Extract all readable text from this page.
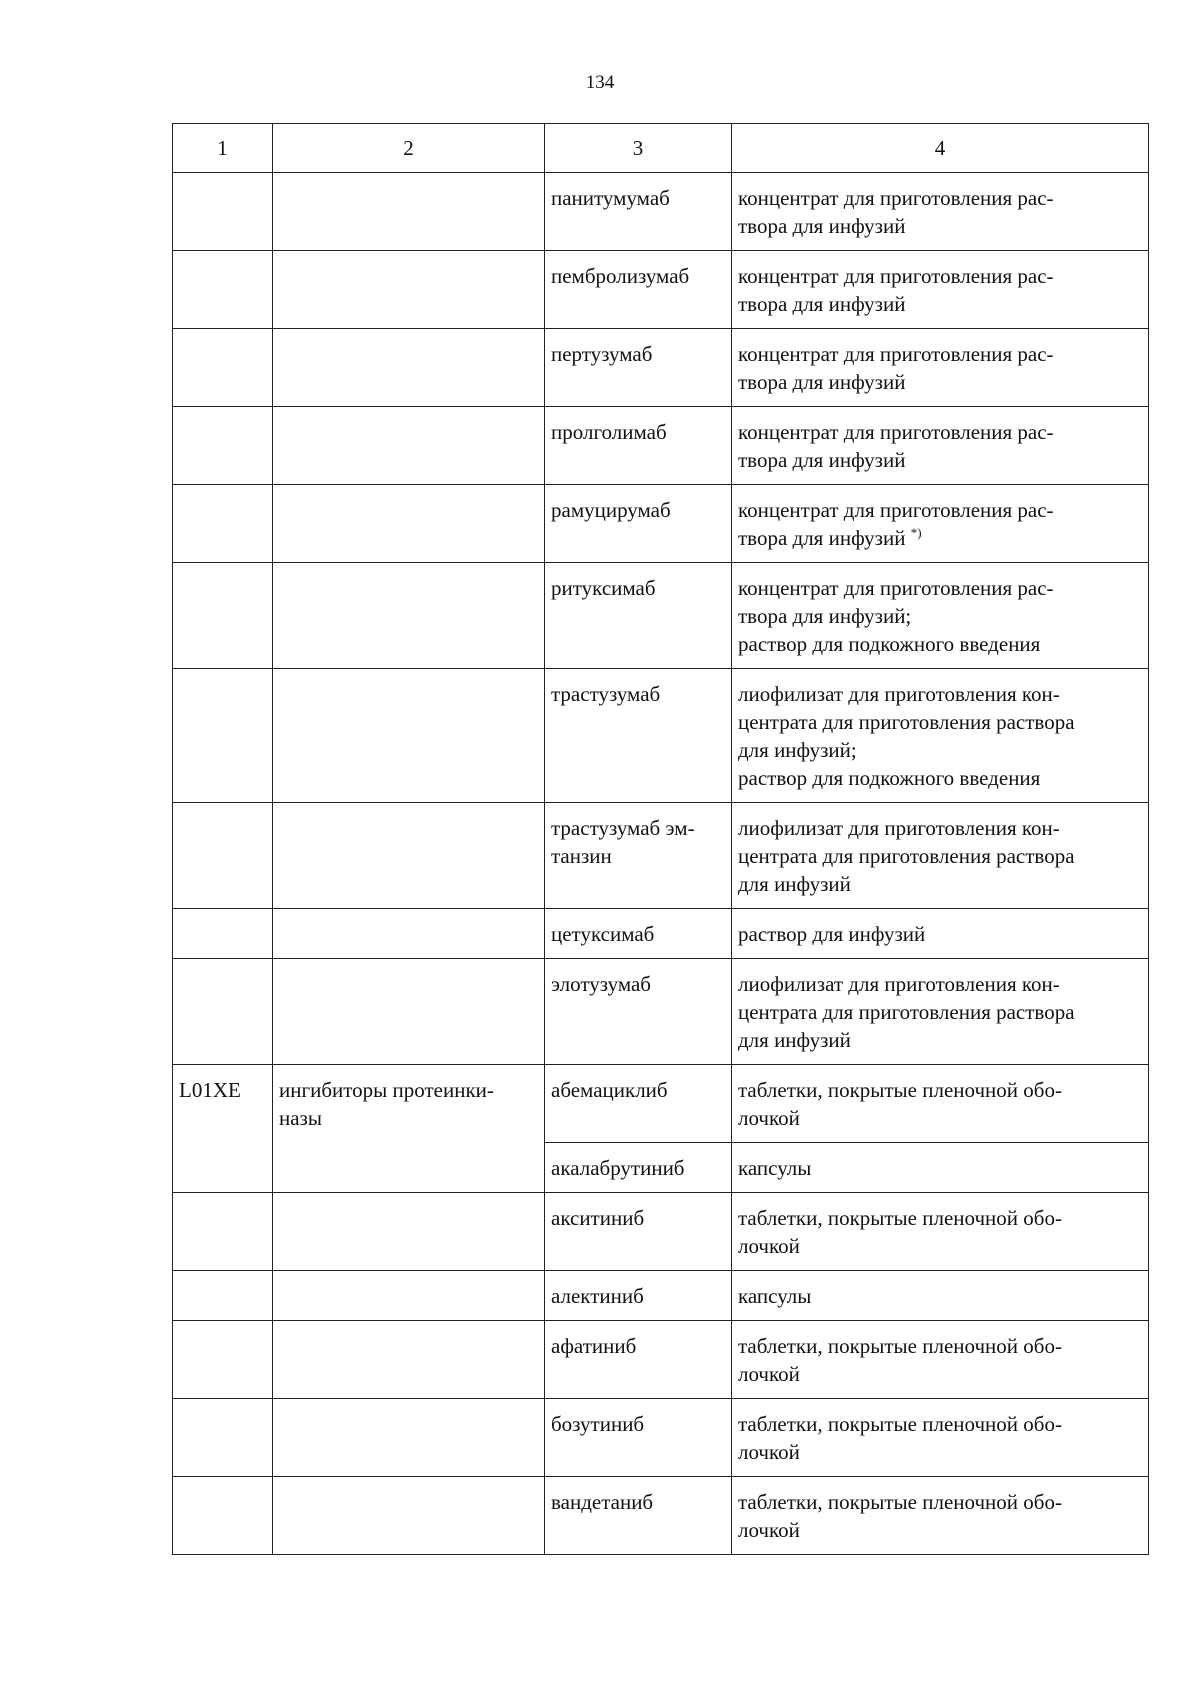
134
1	2	3	4
		панитумумаб	концентрат для приготовления рас-
твора для инфузий

		пембролизумаб	концентрат для приготовления рас-
твора для инфузий

		пертузумаб	концентрат для приготовления рас-
твора для инфузий

		пролголимаб	концентрат для приготовления рас-
твора для инфузий

		рамуцирумаб	концентрат для приготовления рас-
твора для инфузий *)

		ритуксимаб	концентрат для приготовления рас-
твора для инфузий;
раствор для подкожного введения

		трастузумаб	лиофилизат для приготовления кон-
центрата для приготовления раствора
для инфузий;
раствор для подкожного введения

		трастузумаб эм-
танзин	лиофилизат для приготовления кон-
центрата для приготовления раствора
для инфузий

		цетуксимаб	раствор для инфузий

		элотузумаб	лиофилизат для приготовления кон-
центрата для приготовления раствора
для инфузий

L01XE	ингибиторы протеинки-
назы	абемациклиб	таблетки, покрытые пленочной обо-
лочкой

		акалабрутиниб	капсулы

		акситиниб	таблетки, покрытые пленочной обо-
лочкой

		алектиниб	капсулы

		афатиниб	таблетки, покрытые пленочной обо-
лочкой

		бозутиниб	таблетки, покрытые пленочной обо-
лочкой

		вандетаниб	таблетки, покрытые пленочной обо-
лочкой
